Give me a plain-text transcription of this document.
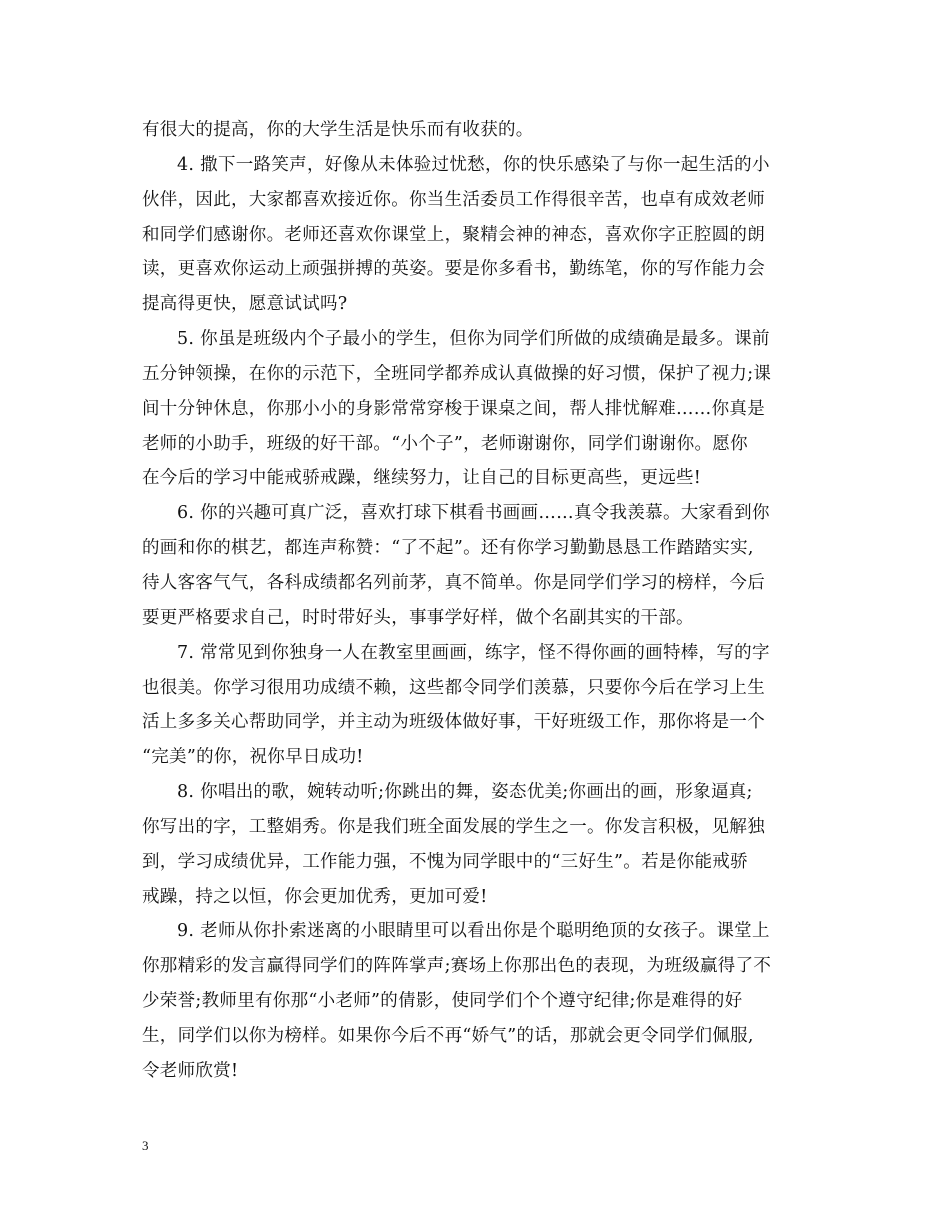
有很大的提高，你的大学生活是快乐而有收获的。
4. 撒下一路笑声，好像从未体验过忧愁，你的快乐感染了与你一起生活的小
伙伴，因此，大家都喜欢接近你。你当生活委员工作得很辛苦，也卓有成效老师
和同学们感谢你。老师还喜欢你课堂上，聚精会神的神态，喜欢你字正腔圆的朗
读，更喜欢你运动上顽强拼搏的英姿。要是你多看书，勤练笔，你的写作能力会
提高得更快，愿意试试吗?
5. 你虽是班级内个子最小的学生，但你为同学们所做的成绩确是最多。课前
五分钟领操，在你的示范下，全班同学都养成认真做操的好习惯，保护了视力;课
间十分钟休息，你那小小的身影常常穿梭于课桌之间，帮人排忧解难……你真是
老师的小助手，班级的好干部。“小个子”，老师谢谢你，同学们谢谢你。愿你
在今后的学习中能戒骄戒躁，继续努力，让自己的目标更高些，更远些!
6. 你的兴趣可真广泛，喜欢打球下棋看书画画……真令我羡慕。大家看到你
的画和你的棋艺，都连声称赞：“了不起”。还有你学习勤勤恳恳工作踏踏实实,
待人客客气气，各科成绩都名列前茅，真不简单。你是同学们学习的榜样，今后
要更严格要求自己，时时带好头，事事学好样，做个名副其实的干部。
7. 常常见到你独身一人在教室里画画，练字，怪不得你画的画特棒，写的字
也很美。你学习很用功成绩不赖，这些都令同学们羡慕，只要你今后在学习上生
活上多多关心帮助同学，并主动为班级体做好事，干好班级工作，那你将是一个
“完美”的你，祝你早日成功!
8. 你唱出的歌，婉转动听;你跳出的舞，姿态优美;你画出的画，形象逼真;
你写出的字，工整娟秀。你是我们班全面发展的学生之一。你发言积极，见解独
到，学习成绩优异，工作能力强，不愧为同学眼中的“三好生”。若是你能戒骄
戒躁，持之以恒，你会更加优秀，更加可爱!
9. 老师从你扑索迷离的小眼睛里可以看出你是个聪明绝顶的女孩子。课堂上
你那精彩的发言赢得同学们的阵阵掌声;赛场上你那出色的表现，为班级赢得了不
少荣誉;教师里有你那“小老师”的倩影，使同学们个个遵守纪律;你是难得的好
生，同学们以你为榜样。如果你今后不再“娇气”的话，那就会更令同学们佩服,
令老师欣赏!
3
